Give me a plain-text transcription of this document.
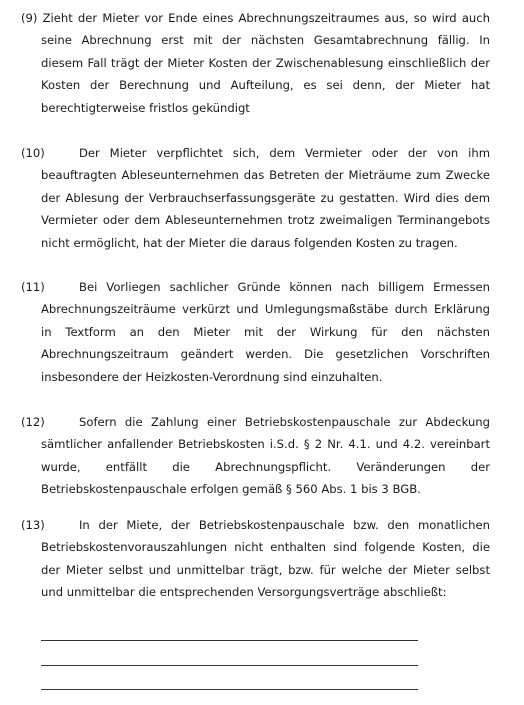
(9) Zieht der Mieter vor Ende eines Abrechnungszeitraumes aus, so wird auch
seine Abrechnung erst mit der nächsten Gesamtabrechnung fällig. In
diesem Fall trägt der Mieter Kosten der Zwischenablesung einschließlich der
Kosten der Berechnung und Aufteilung, es sei denn, der Mieter hat
berechtigterweise fristlos gekündigt
(10)	Der Mieter verpflichtet sich, dem Vermieter oder der von ihm
beauftragten Ableseunternehmen das Betreten der Mieträume zum Zwecke
der Ablesung der Verbrauchserfassungsgeräte zu gestatten. Wird dies dem
Vermieter oder dem Ableseunternehmen trotz zweimaligen Terminangebots
nicht ermöglicht, hat der Mieter die daraus folgenden Kosten zu tragen.
(11)	Bei Vorliegen sachlicher Gründe können nach billigem Ermessen
Abrechnungszeiträume verkürzt und Umlegungsmaßstäbe durch Erklärung
in Textform an den Mieter mit der Wirkung für den nächsten
Abrechnungszeitraum geändert werden. Die gesetzlichen Vorschriften
insbesondere der Heizkosten-Verordnung sind einzuhalten.
(12)	Sofern die Zahlung einer Betriebskostenpauschale zur Abdeckung
sämtlicher anfallender Betriebskosten i.S.d. § 2 Nr. 4.1. und 4.2. vereinbart
wurde, entfällt die Abrechnungspflicht. Veränderungen der
Betriebskostenpauschale erfolgen gemäß § 560 Abs. 1 bis 3 BGB.
(13)	In der Miete, der Betriebskostenpauschale bzw. den monatlichen
Betriebskostenvorauszahlungen nicht enthalten sind folgende Kosten, die
der Mieter selbst und unmittelbar trägt, bzw. für welche der Mieter selbst
und unmittelbar die entsprechenden Versorgungsverträge abschließt:
